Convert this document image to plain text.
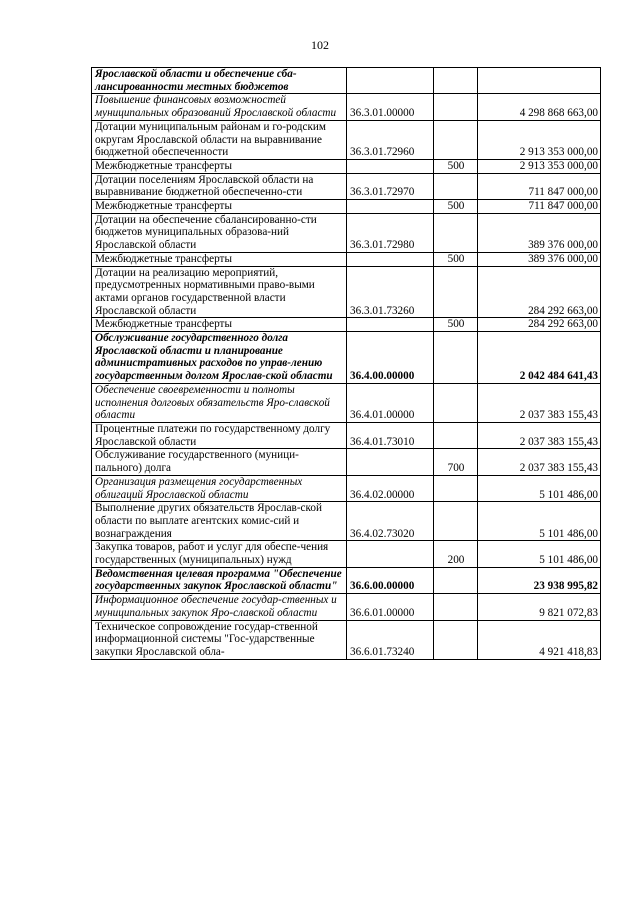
102
Ярославской области и обеспечение сба-лансированности местных бюджетов			
Повышение финансовых возможностей муниципальных образований Ярославской области	36.3.01.00000		4 298 868 663,00
Дотации муниципальным районам и го-родским округам Ярославской области на выравнивание бюджетной обеспеченности	36.3.01.72960		2 913 353 000,00
Межбюджетные трансферты		500	2 913 353 000,00
Дотации поселениям Ярославской области на выравнивание бюджетной обеспеченно-сти	36.3.01.72970		711 847 000,00
Межбюджетные трансферты		500	711 847 000,00
Дотации на обеспечение сбалансированно-сти бюджетов муниципальных образова-ний Ярославской области	36.3.01.72980		389 376 000,00
Межбюджетные трансферты		500	389 376 000,00
Дотации на реализацию мероприятий, предусмотренных нормативными право-выми актами органов государственной власти Ярославской области	36.3.01.73260		284 292 663,00
Межбюджетные трансферты		500	284 292 663,00
Обслуживание государственного долга Ярославской области и планирование административных расходов по управ-лению государственным долгом Ярослав-ской области	36.4.00.00000		2 042 484 641,43
Обеспечение своевременности и полноты исполнения долговых обязательств Яро-славской области	36.4.01.00000		2 037 383 155,43
Процентные платежи по государственному долгу Ярославской области	36.4.01.73010		2 037 383 155,43
Обслуживание государственного (муници-пального) долга		700	2 037 383 155,43
Организация размещения государственных облигаций Ярославской области	36.4.02.00000		5 101 486,00
Выполнение других обязательств Ярослав-ской области по выплате агентских комис-сий и вознаграждения	36.4.02.73020		5 101 486,00
Закупка товаров, работ и услуг для обеспе-чения государственных (муниципальных) нужд		200	5 101 486,00
Ведомственная целевая программа "Обеспечение государственных закупок Ярославской области"	36.6.00.00000		23 938 995,82
Информационное обеспечение государ-ственных и муниципальных закупок Яро-славской области	36.6.01.00000		9 821 072,83
Техническое сопровождение государ-ственной информационной системы "Гос-ударственные закупки Ярославской обла-	36.6.01.73240		4 921 418,83
